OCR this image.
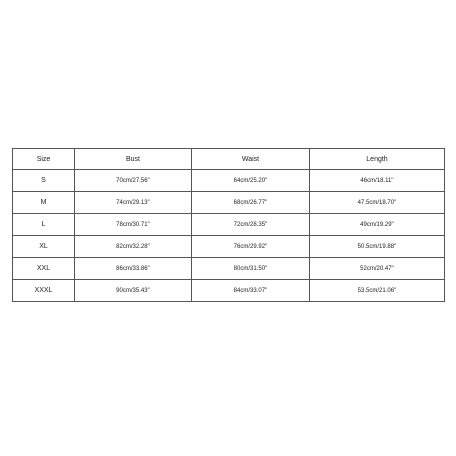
Size	Bust	Waist	Length
S	70cm/27.56''	64cm/25.20''	46cm/18.11''
M	74cm/29.13''	68cm/26.77''	47.5cm/18.70''
L	78cm/30.71''	72cm/28.35''	49cm/19.29''
XL	82cm/32.28''	76cm/29.92''	50.5cm/19.88''
XXL	86cm/33.86''	80cm/31.50''	52cm/20.47''
XXXL	90cm/35.43''	84cm/33.07''	53.5cm/21.06''
